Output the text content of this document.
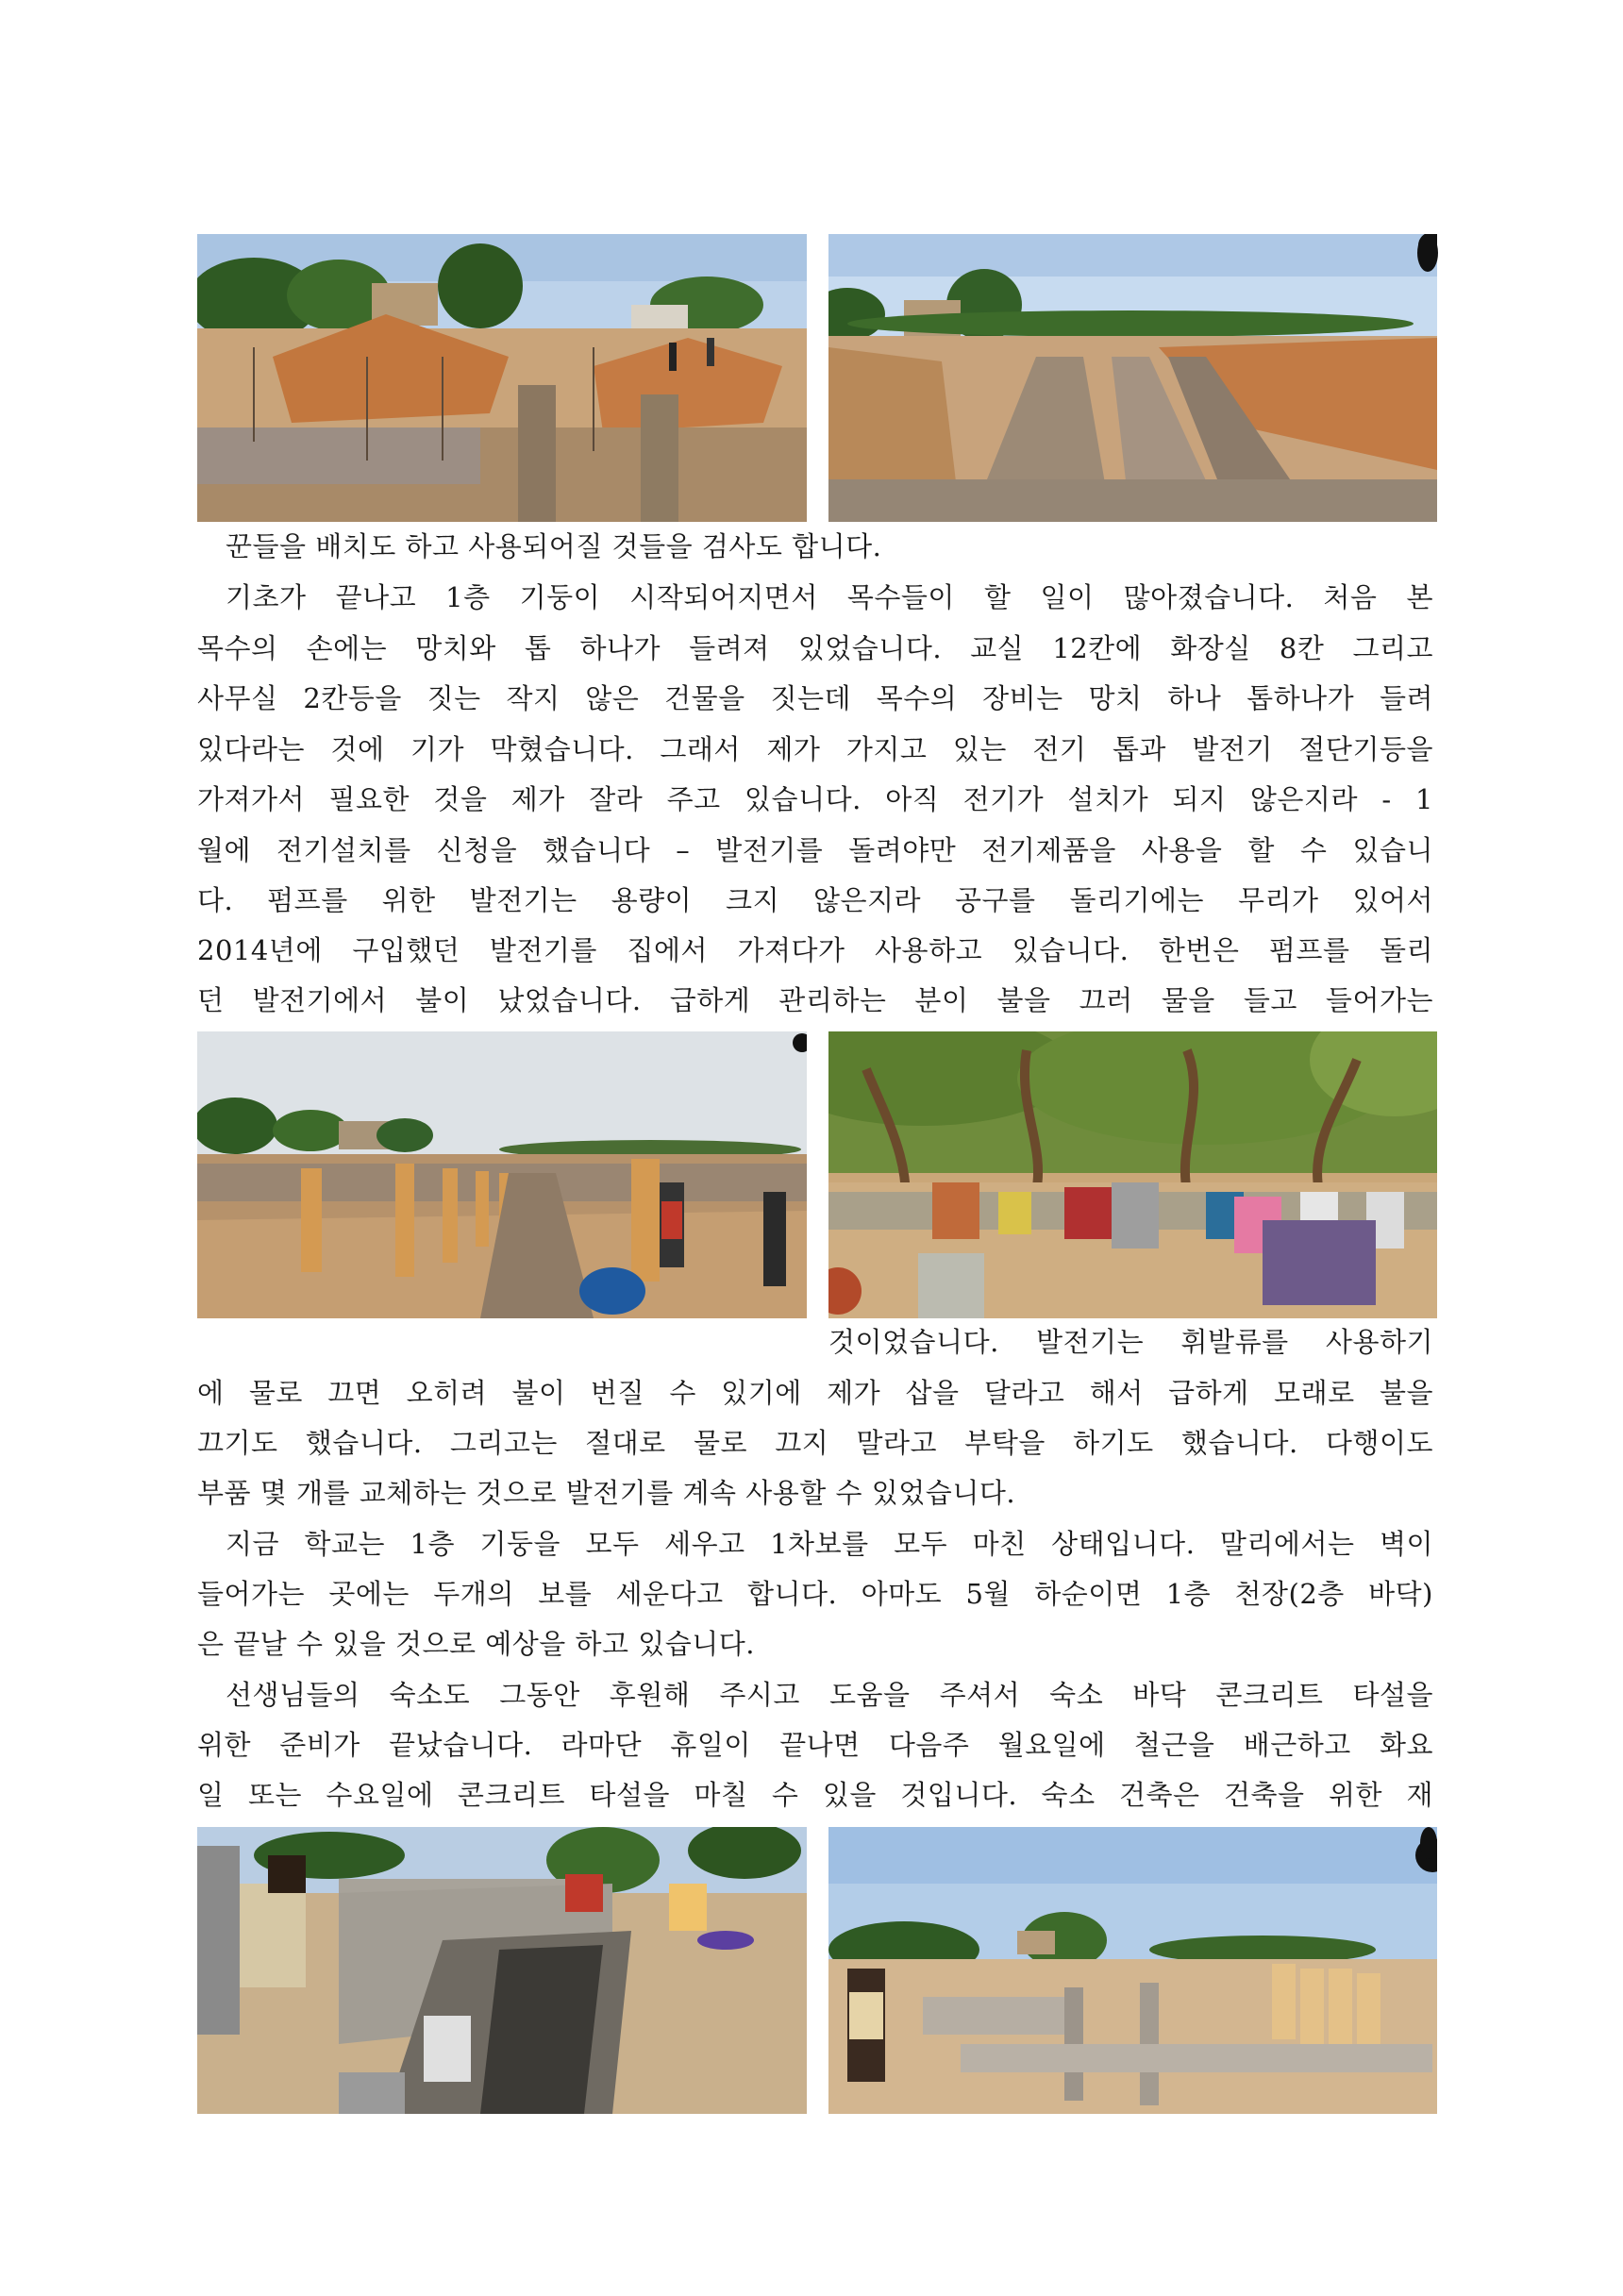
꾼들을 배치도 하고 사용되어질 것들을 검사도 합니다.
기초가 끝나고 1층 기둥이 시작되어지면서 목수들이 할 일이 많아졌습니다. 처음 본
목수의 손에는 망치와 톱 하나가 들려져 있었습니다. 교실 12칸에 화장실 8칸 그리고
사무실 2칸등을 짓는 작지 않은 건물을 짓는데 목수의 장비는 망치 하나 톱하나가 들려
있다라는 것에 기가 막혔습니다. 그래서 제가 가지고 있는 전기 톱과 발전기 절단기등을
가져가서 필요한 것을 제가 잘라 주고 있습니다. 아직 전기가 설치가 되지 않은지라 - 1
월에 전기설치를 신청을 했습니다 – 발전기를 돌려야만 전기제품을 사용을 할 수 있습니
다. 펌프를 위한 발전기는 용량이 크지 않은지라 공구를 돌리기에는 무리가 있어서
2014년에 구입했던 발전기를 집에서 가져다가 사용하고 있습니다. 한번은 펌프를 돌리
던 발전기에서 불이 났었습니다. 급하게 관리하는 분이 불을 끄러 물을 들고 들어가는
것이었습니다. 발전기는 휘발류를 사용하기
에 물로 끄면 오히려 불이 번질 수 있기에 제가 삽을 달라고 해서 급하게 모래로 불을
끄기도 했습니다. 그리고는 절대로 물로 끄지 말라고 부탁을 하기도 했습니다. 다행이도
부품 몇 개를 교체하는 것으로 발전기를 계속 사용할 수 있었습니다.
지금 학교는 1층 기둥을 모두 세우고 1차보를 모두 마친 상태입니다. 말리에서는 벽이
들어가는 곳에는 두개의 보를 세운다고 합니다. 아마도 5월 하순이면 1층 천장(2층 바닥)
은 끝날 수 있을 것으로 예상을 하고 있습니다.
선생님들의 숙소도 그동안 후원해 주시고 도움을 주셔서 숙소 바닥 콘크리트 타설을
위한 준비가 끝났습니다. 라마단 휴일이 끝나면 다음주 월요일에 철근을 배근하고 화요
일 또는 수요일에 콘크리트 타설을 마칠 수 있을 것입니다. 숙소 건축은 건축을 위한 재
